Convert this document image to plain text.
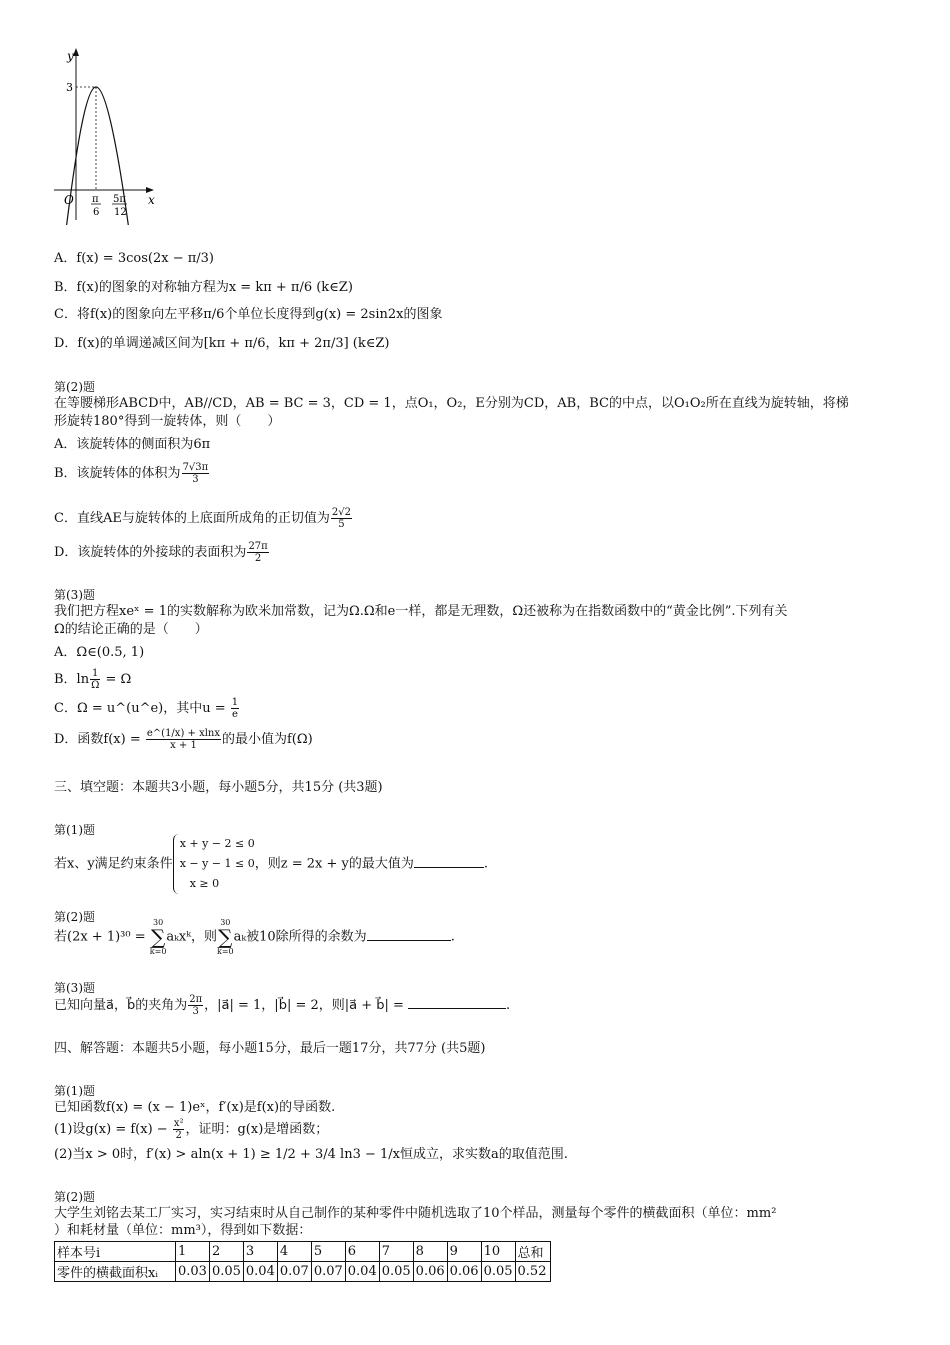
y
x
O
3
π
6
5π
12
A．f(x) = 3cos(2x − π/3)
B．f(x)的图象的对称轴方程为x = kπ + π/6 (k∈Z)
C．将f(x)的图象向左平移π/6个单位长度得到g(x) = 2sin2x的图象
D．f(x)的单调递减区间为[kπ + π/6，kπ + 2π/3] (k∈Z)
第(2)题
在等腰梯形ABCD中，AB//CD，AB = BC = 3，CD = 1，点O₁，O₂，E分别为CD，AB，BC的中点，以O₁O₂所在直线为旋转轴，将梯
形旋转180°得到一旋转体，则（　　）
A．该旋转体的侧面积为6π
B．该旋转体的体积为 $\frac{7√3\pi}{3}$
C．直线AE与旋转体的上底面所成角的正切值为 $\frac{2√2}{5}$
D．该旋转体的外接球的表面积为 $\frac{27\pi}{2}$
第(3)题
我们把方程xeˣ = 1的实数解称为欧米加常数，记为Ω.Ω和e一样，都是无理数，Ω还被称为在指数函数中的“黄金比例”.下列有关
Ω的结论正确的是（　　）
A．Ω∈(0.5, 1)
B．$\ln \frac{1}{\Omega} = \Omega$
C．Ω = u^(u^e)，其中$u = \frac{1}{e}$
D．函数$f(x) = \frac{e\^{}(1/x) + xlnx}{x + 1}$ 的最小值为f(Ω)
三、填空题：本题共3小题，每小题5分，共15分 (共3题)
第(1)题
若x、y满足约束条件
x + y − 2 ≤ 0
x − y − 1 ≤ 0
x ≥ 0
，则z = 2x + y的最大值为	.
第(2)题
若(2x + 1)³⁰ =
30
∑
k=0
aₖxᵏ，则
30
∑
k=0
aₖ被10除所得的余数为	.
第(3)题
已知向量a⃗，b⃗的夹角为 $\frac{2\pi}{3}$ ，|a⃗| = 1，|b⃗| = 2，则|a⃗ + b⃗| =	.
四、解答题：本题共5小题，每小题15分，最后一题17分，共77分 (共5题)
第(1)题
已知函数f(x) = (x − 1)eˣ，f′(x)是f(x)的导函数.
(1)设$g(x) = f(x) - \frac{\text{x²}}{2}$ ，证明：g(x)是增函数；
(2)当x > 0时，f′(x) > aln(x + 1) ≥ 1/2 + 3/4 ln3 − 1/x恒成立，求实数a的取值范围.
第(2)题
大学生刘铭去某工厂实习，实习结束时从自己制作的某种零件中随机选取了10个样品，测量每个零件的横截面积（单位：mm²
）和耗材量（单位：mm³），得到如下数据：
样本号i	1	2	3	4	5	6	7	8	9	10	总和
零件的横截面积xᵢ	0.03	0.05	0.04	0.07	0.07	0.04	0.05	0.06	0.06	0.05	0.52
